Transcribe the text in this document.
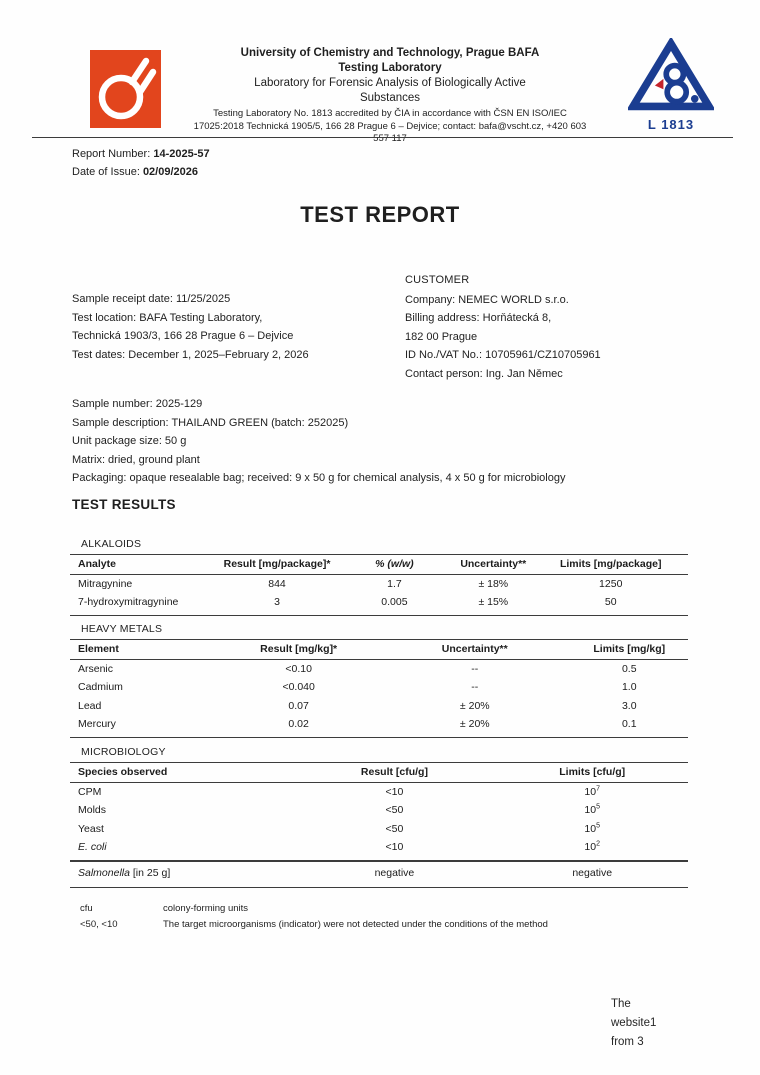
University of Chemistry and Technology, Prague BAFA
Testing Laboratory
Laboratory for Forensic Analysis of Biologically Active
Substances
Testing Laboratory No. 1813 accredited by ČIA in accordance with ČSN EN ISO/IEC
17025:2018 Technická 1905/5, 166 28 Prague 6 – Dejvice; contact: bafa@vscht.cz, +420 603
557 117
L 1813
Report Number: 14-2025-57
Date of Issue: 02/09/2026
TEST REPORT
Sample receipt date: 11/25/2025
Test location: BAFA Testing Laboratory,
Technická 1903/3, 166 28 Prague 6 – Dejvice
Test dates: December 1, 2025–February 2, 2026
CUSTOMER
Company: NEMEC WORLD s.r.o.
Billing address: Horňátecká 8,
182 00 Prague
ID No./VAT No.: 10705961/CZ10705961
Contact person: Ing. Jan Němec
Sample number: 2025-129
Sample description: THAILAND GREEN (batch: 252025)
Unit package size: 50 g
Matrix: dried, ground plant
Packaging: opaque resealable bag; received: 9 x 50 g for chemical analysis, 4 x 50 g for microbiology
TEST RESULTS
ALKALOIDS
Analyte	Result [mg/package]*	% (w/w)	Uncertainty**	Limits [mg/package]
Mitragynine	844	1.7	± 18%	1250
7-hydroxymitragynine	3	0.005	± 15%	50
HEAVY METALS
Element	Result [mg/kg]*	Uncertainty**	Limits [mg/kg]
Arsenic	<0.10	--	0.5
Cadmium	<0.040	--	1.0
Lead	0.07	± 20%	3.0
Mercury	0.02	± 20%	0.1
MICROBIOLOGY
Species observed	Result [cfu/g]	Limits [cfu/g]
CPM	<10	$10^7$
Molds	<50	$10^5$
Yeast	<50	$10^5$
E. coli	<10	$10^2$
Salmonella [in 25 g]	negative	negative
cfu	colony-forming units
<50, <10	The target microorganisms (indicator) were not detected under the conditions of the method
The
website1
from 3
